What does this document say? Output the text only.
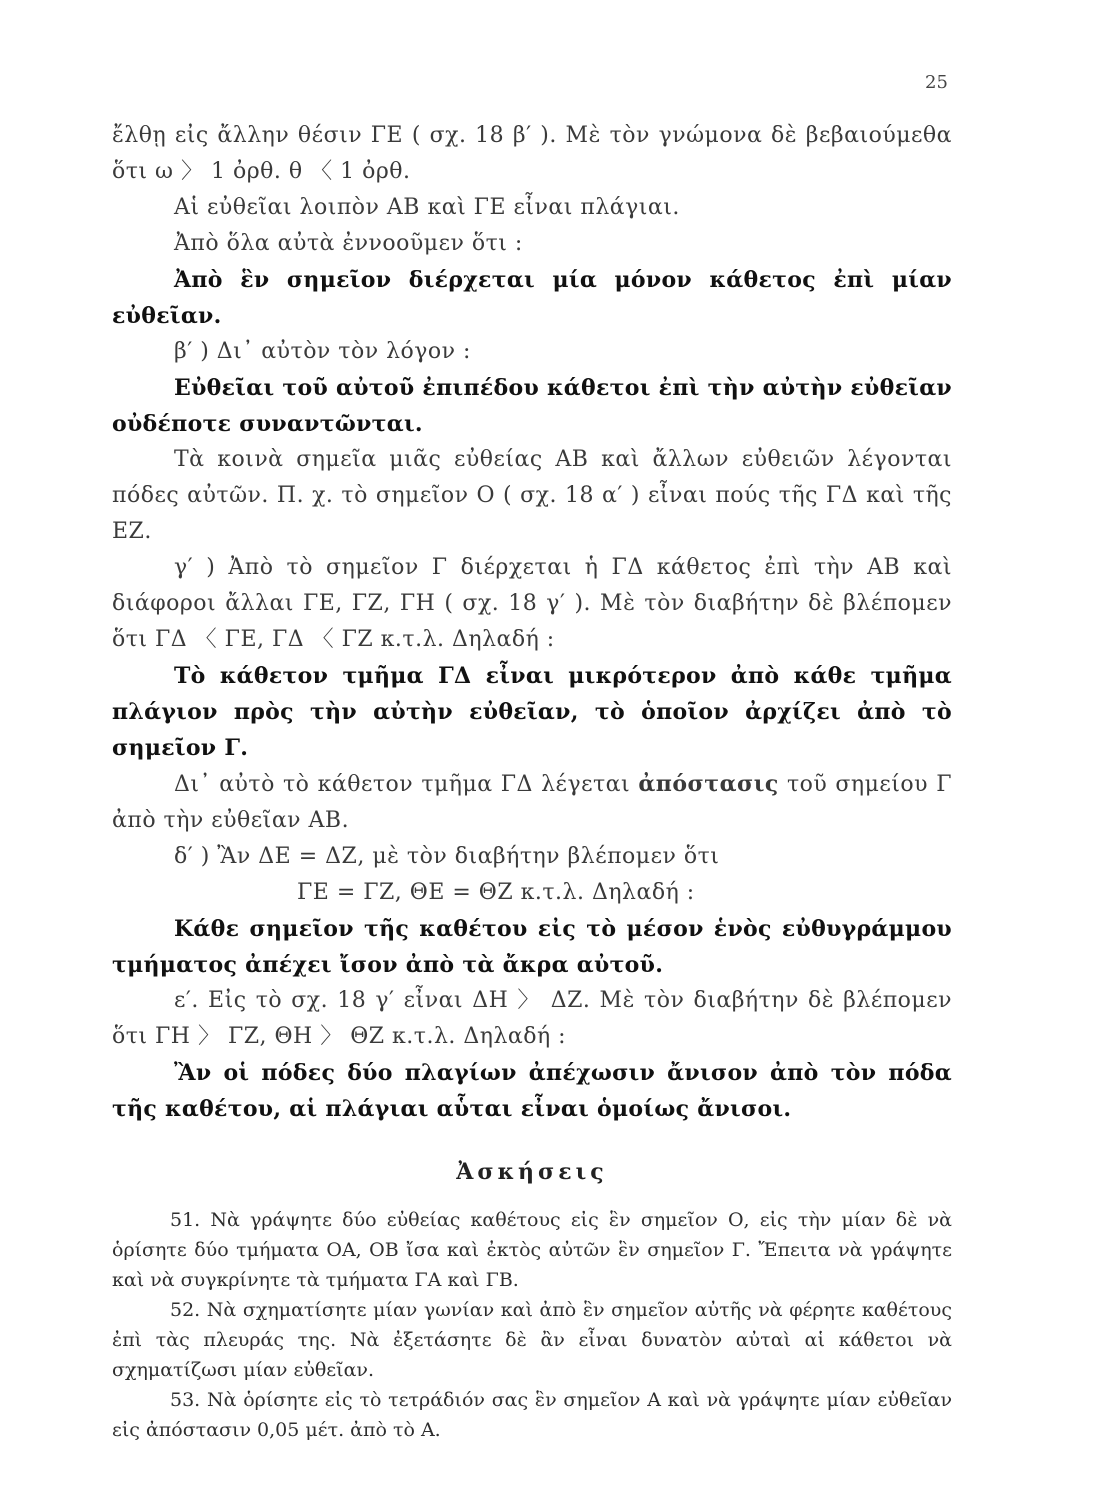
25

ἔλθῃ εἰς ἄλλην θέσιν ΓΕ ( σχ. 18 β′ ). Μὲ τὸν γνώμονα δὲ βεβαιούμεθα ὅτι ω 〉 1 ὀρθ. θ 〈 1 ὀρθ.

Αἱ εὐθεῖαι λοιπὸν ΑΒ καὶ ΓΕ εἶναι πλάγιαι.

Ἀπὸ ὅλα αὐτὰ ἐννοοῦμεν ὅτι :

Ἀπὸ ἓν σημεῖον διέρχεται μία μόνον κάθετος ἐπὶ μίαν εὐθεῖαν.

β′ ) Δι᾿ αὐτὸν τὸν λόγον :

Εὐθεῖαι τοῦ αὐτοῦ ἐπιπέδου κάθετοι ἐπὶ τὴν αὐτὴν εὐθεῖαν οὐδέποτε συναντῶνται.

Τὰ κοινὰ σημεῖα μιᾶς εὐθείας ΑΒ καὶ ἄλλων εὐθειῶν λέγονται πόδες αὐτῶν. Π. χ. τὸ σημεῖον Ο ( σχ. 18 α′ ) εἶναι πούς τῆς ΓΔ καὶ τῆς ΕΖ.

γ′ ) Ἀπὸ τὸ σημεῖον Γ διέρχεται ἡ ΓΔ κάθετος ἐπὶ τὴν ΑΒ καὶ διάφοροι ἄλλαι ΓΕ, ΓΖ, ΓΗ ( σχ. 18 γ′ ). Μὲ τὸν διαβήτην δὲ βλέπομεν ὅτι ΓΔ 〈 ΓΕ, ΓΔ 〈 ΓΖ κ.τ.λ. Δηλαδή :

Τὸ κάθετον τμῆμα ΓΔ εἶναι μικρότερον ἀπὸ κάθε τμῆμα πλάγιον πρὸς τὴν αὐτὴν εὐθεῖαν, τὸ ὁποῖον ἀρχίζει ἀπὸ τὸ σημεῖον Γ.

Δι᾿ αὐτὸ τὸ κάθετον τμῆμα ΓΔ λέγεται ἀπόστασις τοῦ σημείου Γ ἀπὸ τὴν εὐθεῖαν ΑΒ.

δ′ ) Ἂν ΔΕ = ΔΖ, μὲ τὸν διαβήτην βλέπομεν ὅτι

ΓΕ = ΓΖ, ΘΕ = ΘΖ κ.τ.λ. Δηλαδή :

Κάθε σημεῖον τῆς καθέτου εἰς τὸ μέσον ἑνὸς εὐθυγράμμου τμήματος ἀπέχει ἴσον ἀπὸ τὰ ἄκρα αὐτοῦ.

ε′. Εἰς τὸ σχ. 18 γ′ εἶναι ΔΗ 〉 ΔΖ. Μὲ τὸν διαβήτην δὲ βλέπομεν ὅτι ΓΗ 〉 ΓΖ, ΘΗ 〉 ΘΖ κ.τ.λ. Δηλαδή :

Ἂν οἱ πόδες δύο πλαγίων ἀπέχωσιν ἄνισον ἀπὸ τὸν πόδα τῆς καθέτου, αἱ πλάγιαι αὗται εἶναι ὁμοίως ἄνισοι.

Ἀσκήσεις

51. Νὰ γράψητε δύο εὐθείας καθέτους εἰς ἓν σημεῖον Ο, εἰς τὴν μίαν δὲ νὰ ὁρίσητε δύο τμήματα ΟΑ, ΟΒ ἴσα καὶ ἐκτὸς αὐτῶν ἓν σημεῖον Γ. Ἔπειτα νὰ γράψητε καὶ νὰ συγκρίνητε τὰ τμήματα ΓΑ καὶ ΓΒ.

52. Νὰ σχηματίσητε μίαν γωνίαν καὶ ἀπὸ ἓν σημεῖον αὐτῆς νὰ φέρητε καθέτους ἐπὶ τὰς πλευράς της. Νὰ ἐξετάσητε δὲ ἂν εἶναι δυνατὸν αὐταὶ αἱ κάθετοι νὰ σχηματίζωσι μίαν εὐθεῖαν.

53. Νὰ ὁρίσητε εἰς τὸ τετράδιόν σας ἓν σημεῖον Α καὶ νὰ γράψητε μίαν εὐθεῖαν εἰς ἀπόστασιν 0,05 μέτ. ἀπὸ τὸ Α.
